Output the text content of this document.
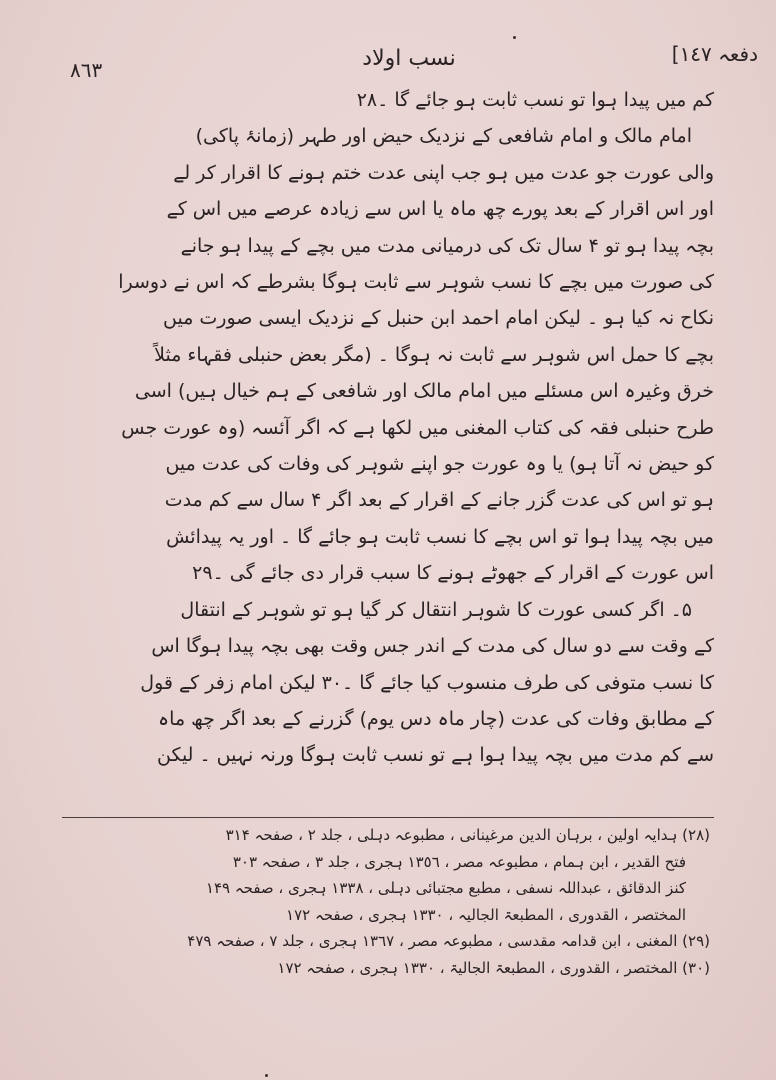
٨٦٣	نسب اولاد	دفعہ ١٤٧]

کم میں پیدا ہوا تو نسب ثابت ہو جائے گا ۔٢٨

امام مالک و امام شافعی کے نزدیک حیض اور طہر (زمانۂ پاکی)

والی عورت جو عدت میں ہو جب اپنی عدت ختم ہونے کا اقرار کر لے

اور اس اقرار کے بعد پورے چھ ماہ یا اس سے زیادہ عرصے میں اس کے

بچہ پیدا ہو تو ۴ سال تک کی درمیانی مدت میں بچے کے پیدا ہو جانے

کی صورت میں بچے کا نسب شوہر سے ثابت ہوگا بشرطے کہ اس نے دوسرا

نکاح نہ کیا ہو ۔ لیکن امام احمد ابن حنبل کے نزدیک ایسی صورت میں

بچے کا حمل اس شوہر سے ثابت نہ ہوگا ۔ (مگر بعض حنبلی فقہاء مثلاً

خرق وغیرہ اس مسئلے میں امام مالک اور شافعی کے ہم خیال ہیں) اسی

طرح حنبلی فقہ کی کتاب المغنی میں لکھا ہے کہ اگر آئسہ (وہ عورت جس

کو حیض نہ آتا ہو) یا وہ عورت جو اپنے شوہر کی وفات کی عدت میں

ہو تو اس کی عدت گزر جانے کے اقرار کے بعد اگر ۴ سال سے کم مدت

میں بچہ پیدا ہوا تو اس بچے کا نسب ثابت ہو جائے گا ۔ اور یہ پیدائش

اس عورت کے اقرار کے جھوٹے ہونے کا سبب قرار دی جائے گی ۔٢٩

۵۔ اگر کسی عورت کا شوہر انتقال کر گیا ہو تو شوہر کے انتقال

کے وقت سے دو سال کی مدت کے اندر جس وقت بھی بچہ پیدا ہوگا اس

کا نسب متوفی کی طرف منسوب کیا جائے گا ۔٣٠ لیکن امام زفر کے قول

کے مطابق وفات کی عدت (چار ماہ دس یوم) گزرنے کے بعد اگر چھ ماہ

سے کم مدت میں بچہ پیدا ہوا ہے تو نسب ثابت ہوگا ورنہ نہیں ۔ لیکن

(٢٨) ہدایہ اولین ، برہان الدین مرغینانی ، مطبوعہ دہلی ، جلد ٢ ، صفحہ ٣١۴
فتح القدیر ، ابن ہمام ، مطبوعہ مصر ، ١٣٥٦ ہجری ، جلد ٣ ، صفحہ ٣٠٣
کنز الدقائق ، عبداللہ نسفی ، مطبع مجتبائی دہلی ، ١٣٣٨ ہجری ، صفحہ ١۴٩
المختصر ، القدوری ، المطبعۃ الجالیہ ، ١٣٣٠ ہجری ، صفحہ ١٧٢
(٢٩) المغنی ، ابن قدامہ مقدسی ، مطبوعہ مصر ، ١٣٦٧ ہجری ، جلد ٧ ، صفحہ ۴٧٩
(٣٠) المختصر ، القدوری ، المطبعۃ الجالیۃ ، ١٣٣٠ ہجری ، صفحہ ١٧٢
